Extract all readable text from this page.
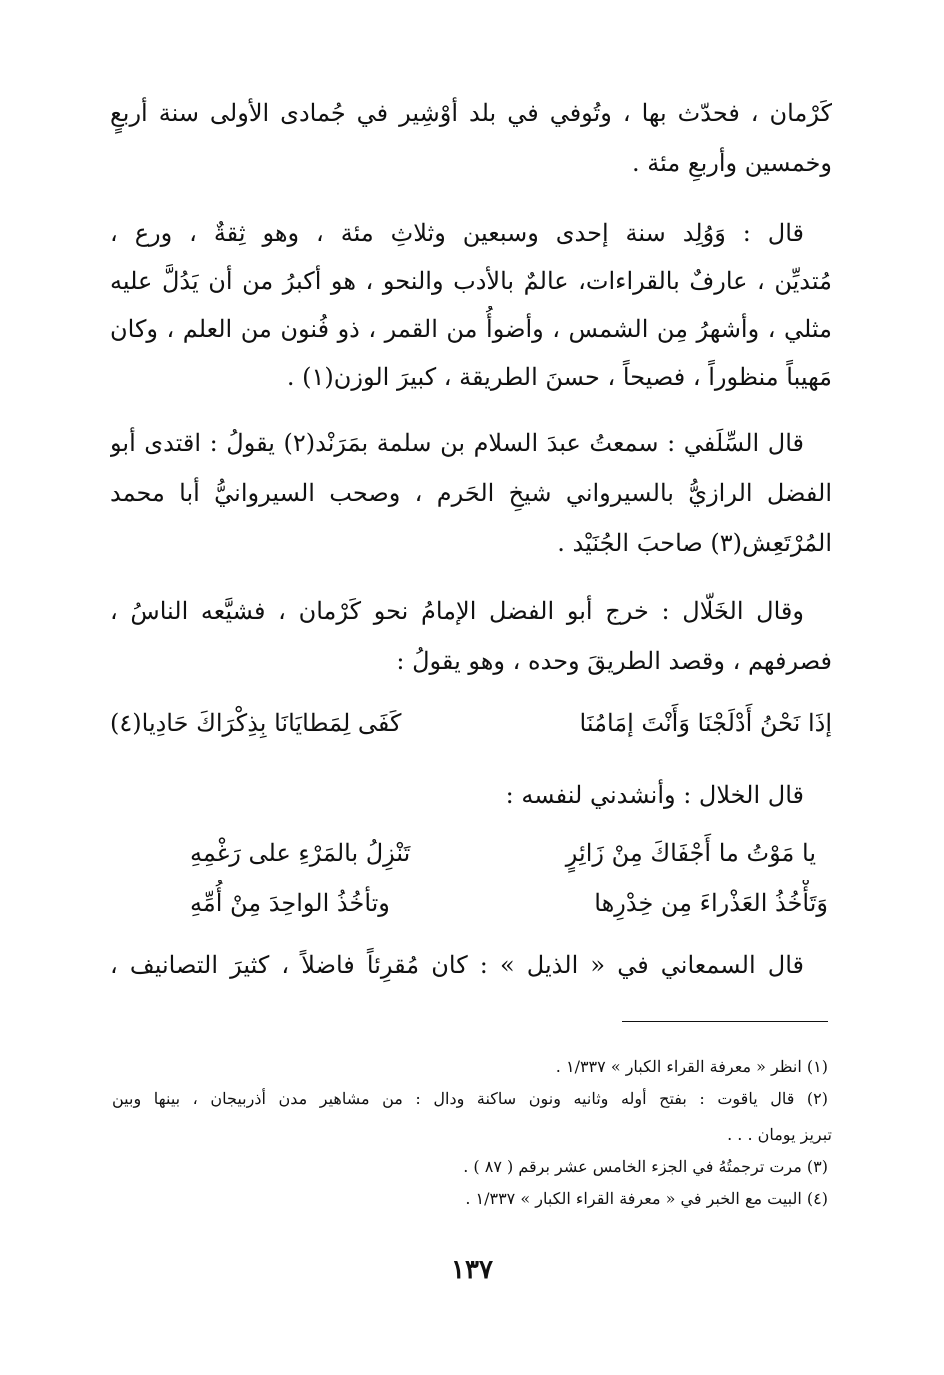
كَرْمان ، فحدّث بها ، وتُوفي في بلد أوْشِير في جُمادى الأولى سنة أربعٍ
وخمسين وأربعِ مئة .
قال : وَوُلِد سنة إحدى وسبعين وثلاثِ مئة ، وهو ثِقةٌ ، ورع ،
مُتديِّن ، عارفٌ بالقراءات، عالمٌ بالأدب والنحو ، هو أكبرُ من أن يَدُلَّ عليه
مثلي ، وأشهرُ مِن الشمس ، وأضوأُ من القمر ، ذو فُنون من العلم ، وكان
مَهيباً منظوراً ، فصيحاً ، حسنَ الطريقة ، كبيرَ الوزن(١) .
قال السِّلَفي : سمعتُ عبدَ السلام بن سلمة بمَرَنْد(٢) يقولُ : اقتدى أبو
الفضل الرازيُّ بالسيرواني شيخِ الحَرم ، وصحب السيروانيُّ أبا محمد
المُرْتَعِش(٣) صاحبَ الجُنَيْد .
وقال الخَلّال : خرج أبو الفضل الإمامُ نحو كَرْمان ، فشيَّعه الناسُ ،
فصرفهم ، وقصد الطريقَ وحده ، وهو يقولُ :
إذَا نَحْنُ أَدْلَجْنَا وَأَنْتَ إمَامُنَا
كَفَى لِمَطايَانَا بِذِكْرَاكَ حَادِيا(٤)
قال الخلال : وأنشدني لنفسه :
يا مَوْتُ ما أَجْفَاكَ مِنْ زَائِرٍ
تَنْزِلُ بالمَرْءِ على رَغْمِهِ
وَتَأْخُذُ العَذْراءَ مِن خِدْرِها
وتأخُذُ الواحِدَ مِنْ أُمِّهِ
قال السمعاني في « الذيل » : كان مُقرِئاً فاضلاً ، كثيرَ التصانيف ،
(١) انظر « معرفة القراء الكبار » ١/٣٣٧ .
(٢) قال ياقوت : بفتح أوله وثانيه ونون ساكنة ودال : من مشاهير مدن أذربيجان ، بينها وبين
تبريز يومان . . .
(٣) مرت ترجمتُهُ في الجزء الخامس عشر برقم ( ٨٧ ) .
(٤) البيت مع الخبر في « معرفة القراء الكبار » ١/٣٣٧ .
١٣٧
